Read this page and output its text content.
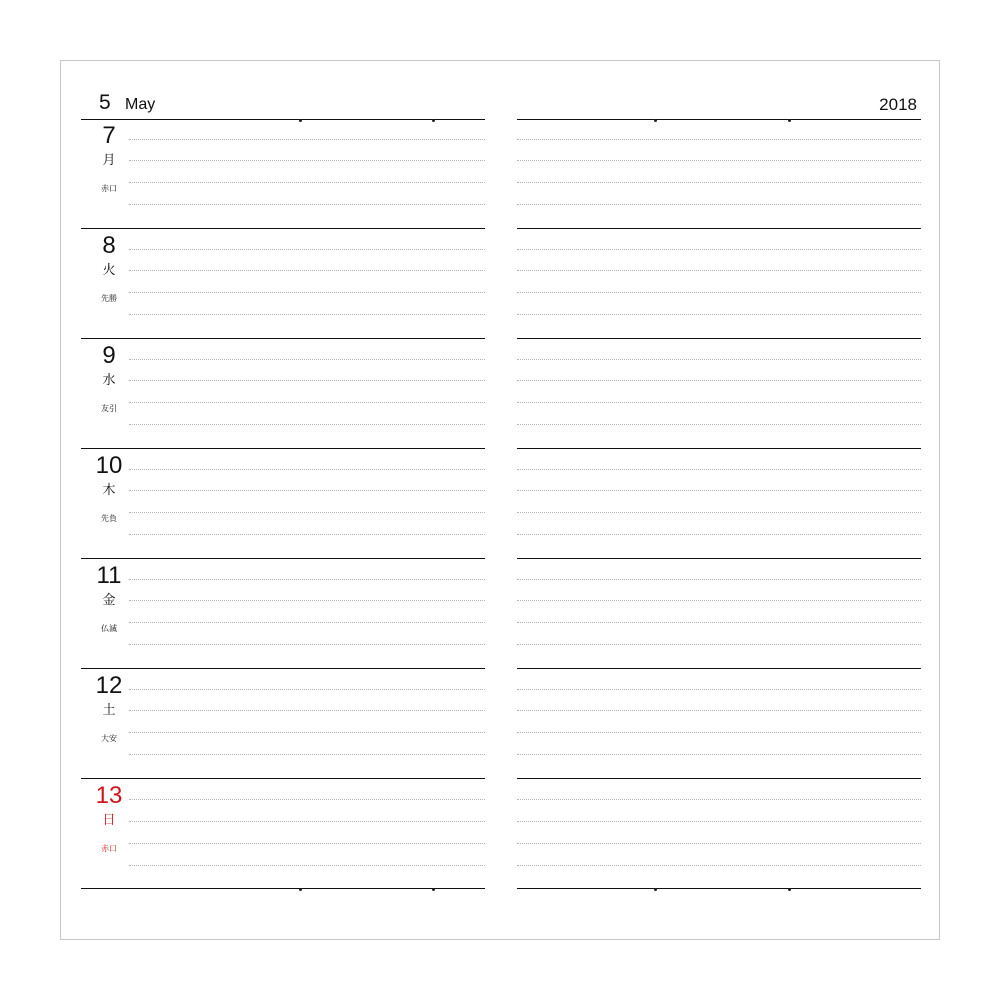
5 May
7
月
赤口
8
火
先勝
9
水
友引
10
木
先負
11
金
仏滅
12
土
大安
13
日
赤口
2018
